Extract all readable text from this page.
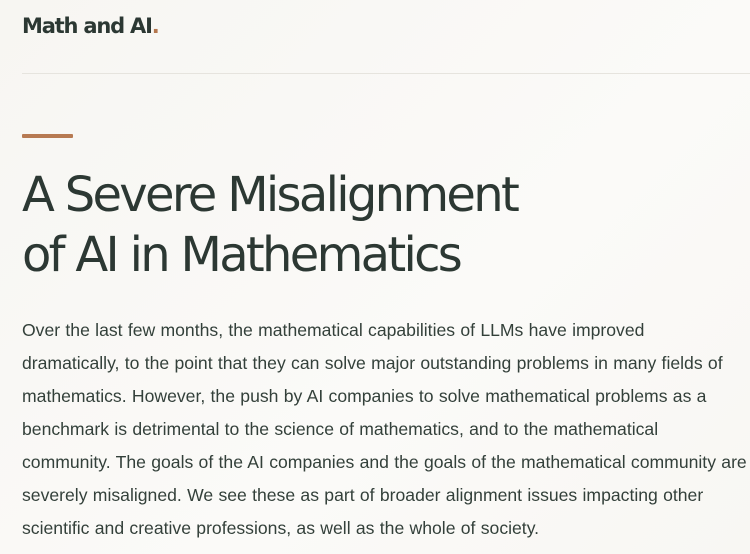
Math and AI.
A Severe Misalignment
of AI in Mathematics

Over the last few months, the mathematical capabilities of LLMs have improved dramatically, to the point that they can solve major outstanding problems in many fields of mathematics. However, the push by AI companies to solve mathematical problems as a benchmark is detrimental to the science of mathematics, and to the mathematical community. The goals of the AI companies and the goals of the mathematical community are severely misaligned. We see these as part of broader alignment issues impacting other scientific and creative professions, as well as the whole of society.
